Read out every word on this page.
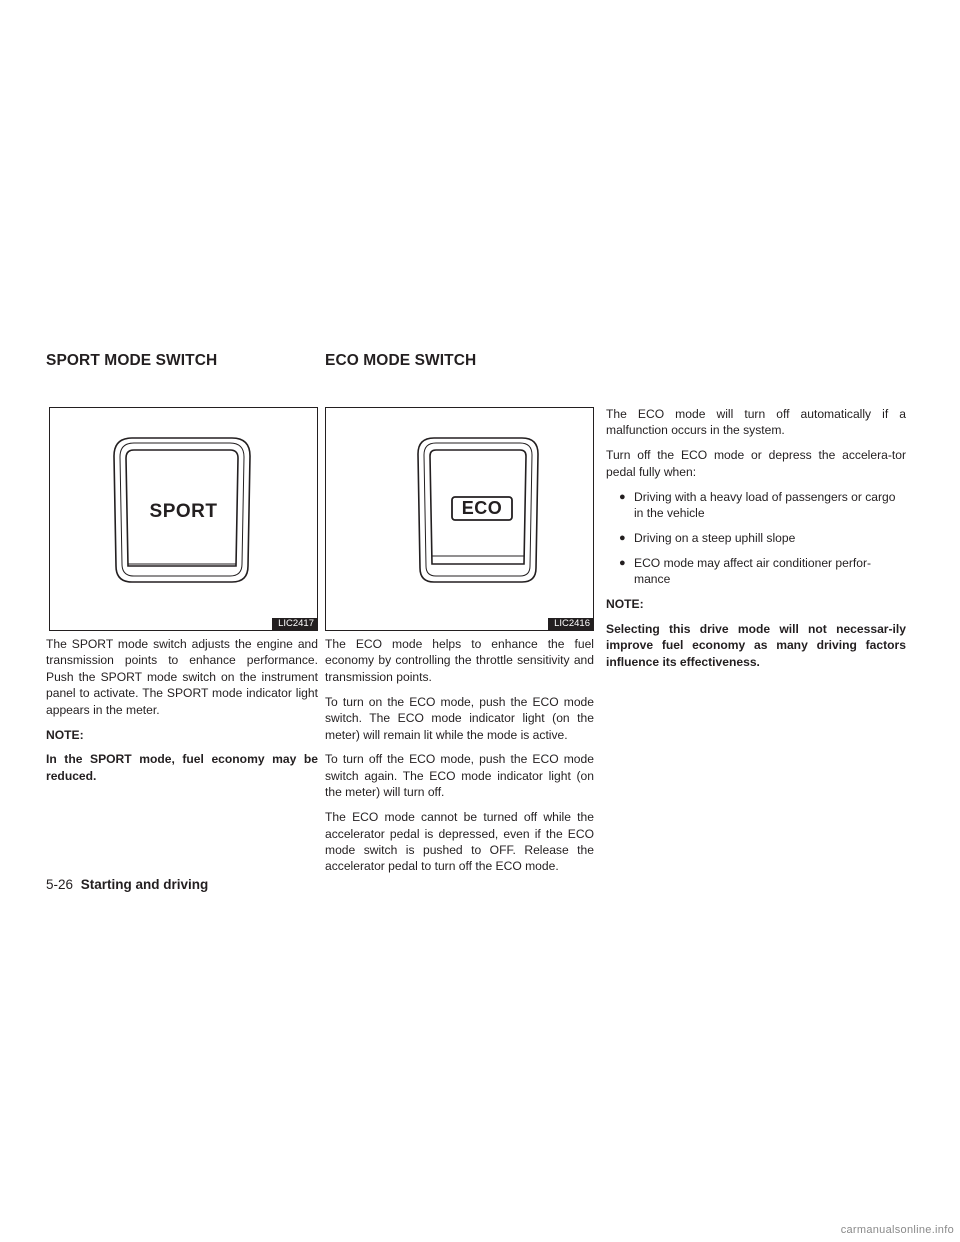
SPORT MODE SWITCH	ECO MODE SWITCH
SPORT
LIC2417
ECO
LIC2416

The SPORT mode switch adjusts the engine and transmission points to enhance performance. Push the SPORT mode switch on the instrument panel to activate. The SPORT mode indicator light appears in the meter.

NOTE:

In the SPORT mode, fuel economy may be reduced.

The ECO mode helps to enhance the fuel economy by controlling the throttle sensitivity and transmission points.

To turn on the ECO mode, push the ECO mode switch. The ECO mode indicator light (on the meter) will remain lit while the mode is active.

To turn off the ECO mode, push the ECO mode switch again. The ECO mode indicator light (on the meter) will turn off.

The ECO mode cannot be turned off while the accelerator pedal is depressed, even if the ECO mode switch is pushed to OFF. Release the accelerator pedal to turn off the ECO mode.

The ECO mode will turn off automatically if a malfunction occurs in the system.

Turn off the ECO mode or depress the accelera-tor pedal fully when:

● Driving with a heavy load of passengers or cargo in the vehicle
● Driving on a steep uphill slope
● ECO mode may affect air conditioner perfor-mance

NOTE:

Selecting this drive mode will not necessar-ily improve fuel economy as many driving factors influence its effectiveness.

5-26 Starting and driving
carmanualsonline.info
